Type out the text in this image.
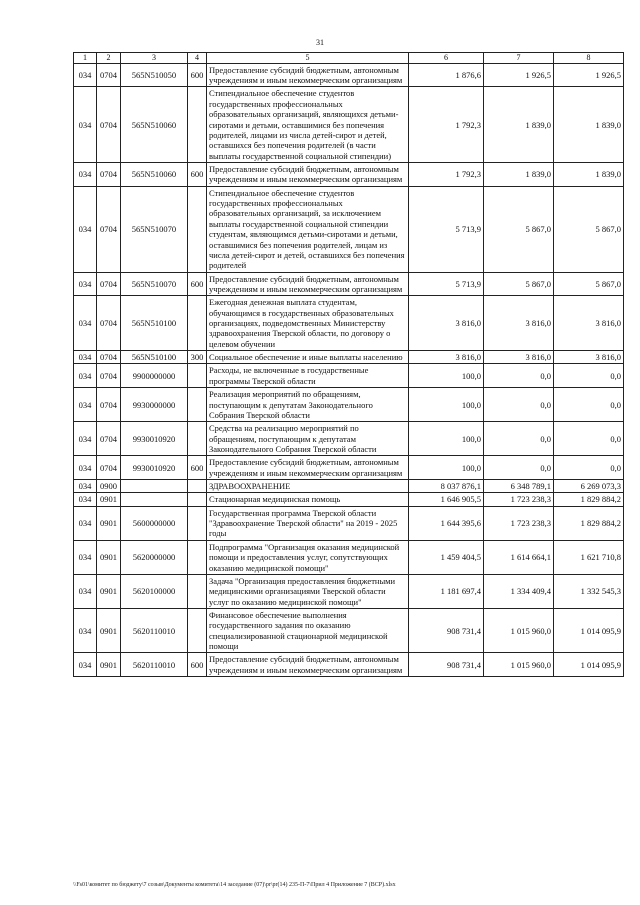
31
1	2	3	4	5	6	7	8
034	0704	565N510050	600	Предоставление субсидий бюджетным, автономным учреждениям и иным некоммерческим организациям	1 876,6	1 926,5	1 926,5
034	0704	565N510060		Стипендиальное обеспечение студентов государственных профессиональных образовательных организаций, являющихся детьми-сиротами и детьми, оставшимися без попечения родителей, лицами из числа детей-сирот и детей, оставшихся без попечения родителей (в части выплаты государственной социальной стипендии)	1 792,3	1 839,0	1 839,0
034	0704	565N510060	600	Предоставление субсидий бюджетным, автономным учреждениям и иным некоммерческим организациям	1 792,3	1 839,0	1 839,0
034	0704	565N510070		Стипендиальное обеспечение студентов государственных профессиональных образовательных организаций, за исключением выплаты государственной социальной стипендии студентам, являющимся детьми-сиротами и детьми, оставшимися без попечения родителей, лицам из числа детей-сирот и детей, оставшихся без попечения родителей	5 713,9	5 867,0	5 867,0
034	0704	565N510070	600	Предоставление субсидий бюджетным, автономным учреждениям и иным некоммерческим организациям	5 713,9	5 867,0	5 867,0
034	0704	565N510100		Ежегодная денежная выплата студентам, обучающимся в государственных образовательных организациях, подведомственных Министерству здравоохранения Тверской области, по договору о целевом обучении	3 816,0	3 816,0	3 816,0
034	0704	565N510100	300	Социальное обеспечение и иные выплаты населению	3 816,0	3 816,0	3 816,0
034	0704	9900000000		Расходы, не включенные в государственные программы Тверской области	100,0	0,0	0,0
034	0704	9930000000		Реализация мероприятий по обращениям, поступающим к депутатам Законодательного Собрания Тверской области	100,0	0,0	0,0
034	0704	9930010920		Средства на реализацию мероприятий по обращениям, поступающим к депутатам Законодательного Собрания Тверской области	100,0	0,0	0,0
034	0704	9930010920	600	Предоставление субсидий бюджетным, автономным учреждениям и иным некоммерческим организациям	100,0	0,0	0,0
034	0900			ЗДРАВООХРАНЕНИЕ	8 037 876,1	6 348 789,1	6 269 073,3
034	0901			Стационарная медицинская помощь	1 646 905,5	1 723 238,3	1 829 884,2
034	0901	5600000000		Государственная программа Тверской области "Здравоохранение Тверской области" на 2019 - 2025 годы	1 644 395,6	1 723 238,3	1 829 884,2
034	0901	5620000000		Подпрограмма "Организация оказания медицинской помощи и предоставления услуг, сопутствующих оказанию медицинской помощи"	1 459 404,5	1 614 664,1	1 621 710,8
034	0901	5620100000		Задача "Организация предоставления бюджетными медицинскими организациями Тверской области услуг по оказанию медицинской помощи"	1 181 697,4	1 334 409,4	1 332 545,3
034	0901	5620110010		Финансовое обеспечение выполнения государственного задания по оказанию специализированной стационарной медицинской помощи	908 731,4	1 015 960,0	1 014 095,9
034	0901	5620110010	600	Предоставление субсидий бюджетным, автономным учреждениям и иным некоммерческим организациям	908 731,4	1 015 960,0	1 014 095,9
\\Fs01\комитет по бюджету\7 созыв\Документы комитета\14 заседание (07)\pr\pr(14) 235-П-7\Прил 4 Приложение 7 (ВСР).xlsx
